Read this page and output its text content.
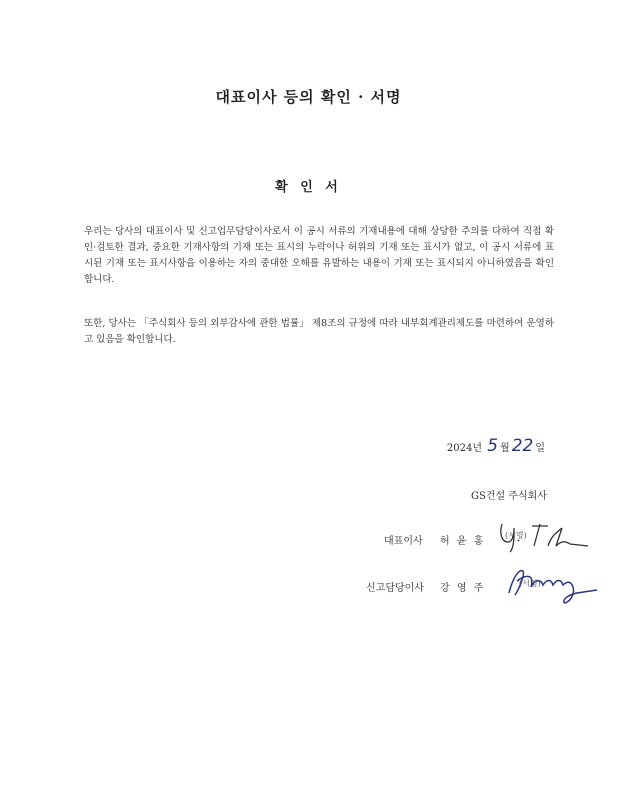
대표이사 등의 확인 · 서명
확 인 서
우리는 당사의 대표이사 및 신고업무담당이사로서 이 공시 서류의 기재내용에 대해 상당한 주의를 다하여 직접 확인·검토한 결과, 중요한 기재사항의 기재 또는 표시의 누락이나 허위의 기재 또는 표시가 없고, 이 공시 서류에 표시된 기재 또는 표시사항을 이용하는 자의 중대한 오해를 유발하는 내용이 기재 또는 표시되지 아니하였음을 확인합니다.
또한, 당사는 「주식회사 등의 외부감사에 관한 법률」 제8조의 규정에 따라 내부회계관리제도를 마련하여 운영하고 있음을 확인합니다.
2024년 5 월 22 일
GS건설 주식회사
대표이사 허 윤 홍
(서명)
신고담당이사 강 영 주	(서명)
